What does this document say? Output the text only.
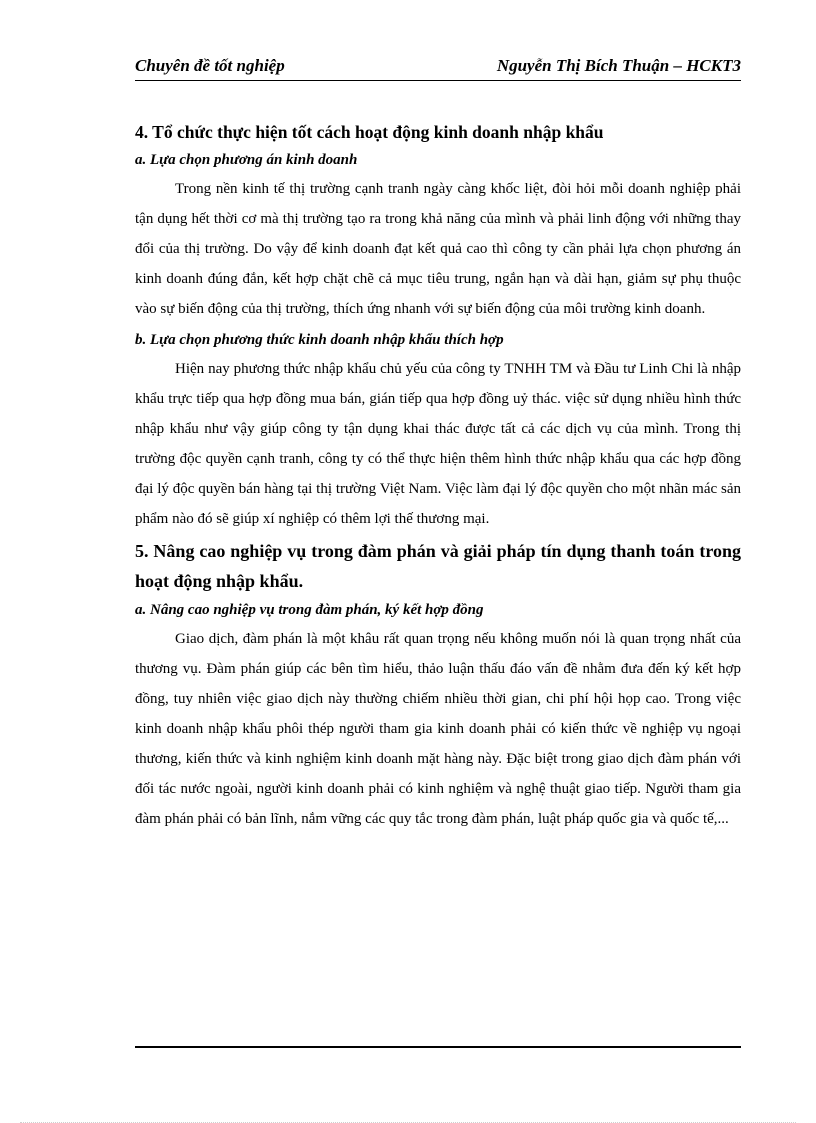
Chuyên đề tốt nghiệp	Nguyễn Thị Bích Thuận – HCKT3

4. Tổ chức thực hiện tốt cách hoạt động kinh doanh nhập khẩu

a. Lựa chọn phương án kinh doanh

Trong nền kinh tế thị trường cạnh tranh ngày càng khốc liệt, đòi hỏi mỗi doanh nghiệp phải tận dụng hết thời cơ mà thị trường tạo ra trong khả năng của mình và phải linh động với những thay đổi của thị trường. Do vậy để kinh doanh đạt kết quả cao thì công ty cần phải lựa chọn phương án kinh doanh đúng đắn, kết hợp chặt chẽ cả mục tiêu trung, ngắn hạn và dài hạn, giảm sự phụ thuộc vào sự biến động của thị trường, thích ứng nhanh với sự biến động của môi trường kinh doanh.

b. Lựa chọn phương thức kinh doanh nhập khẩu thích hợp

Hiện nay phương thức nhập khẩu chủ yếu của công ty TNHH TM và Đầu tư Linh Chi là nhập khẩu trực tiếp qua hợp đồng mua bán, gián tiếp qua hợp đồng uỷ thác. việc sử dụng nhiều hình thức nhập khẩu như vậy giúp công ty tận dụng khai thác được tất cả các dịch vụ của mình. Trong thị trường độc quyền cạnh tranh, công ty có thể thực hiện thêm hình thức nhập khẩu qua các hợp đồng đại lý độc quyền bán hàng tại thị trường Việt Nam. Việc làm đại lý độc quyền cho một nhãn mác sản phẩm nào đó sẽ giúp xí nghiệp có thêm lợi thế thương mại.

5. Nâng cao nghiệp vụ trong đàm phán và giải pháp tín dụng thanh toán trong hoạt động nhập khẩu.

a. Nâng cao nghiệp vụ trong đàm phán, ký kết hợp đồng

Giao dịch, đàm phán là một khâu rất quan trọng nếu không muốn nói là quan trọng nhất của thương vụ. Đàm phán giúp các bên tìm hiểu, thảo luận thấu đáo vấn đề nhằm đưa đến ký kết hợp đồng, tuy nhiên việc giao dịch này thường chiếm nhiều thời gian, chi phí hội họp cao. Trong việc kinh doanh nhập khẩu phôi thép người tham gia kinh doanh phải có kiến thức về nghiệp vụ ngoại thương, kiến thức và kinh nghiệm kinh doanh mặt hàng này. Đặc biệt trong giao dịch đàm phán với đối tác nước ngoài, người kinh doanh phải có kinh nghiệm và nghệ thuật giao tiếp. Người tham gia đàm phán phải có bản lĩnh, nắm vững các quy tắc trong đàm phán, luật pháp quốc gia và quốc tế,...
